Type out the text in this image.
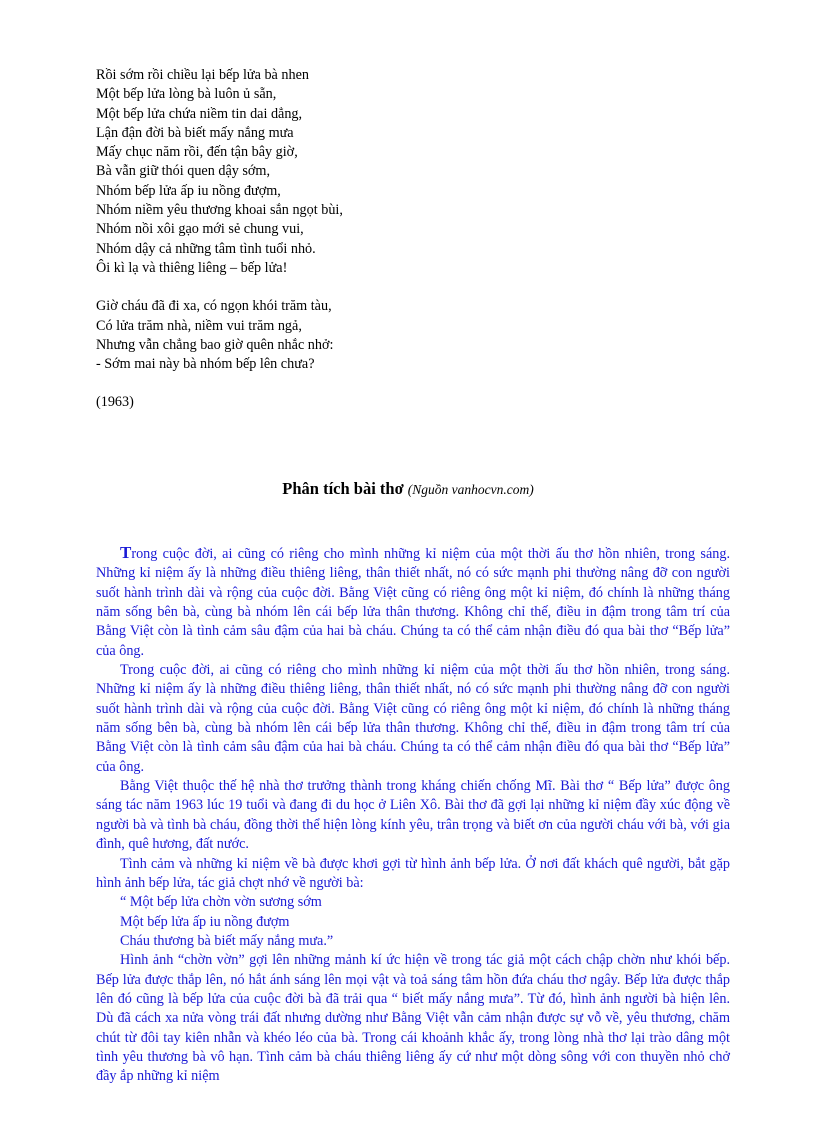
Rồi sớm rồi chiều lại bếp lửa bà nhen
Một bếp lửa lòng bà luôn ủ sẵn,
Một bếp lửa chứa niềm tin dai dẳng,
Lận đận đời bà biết mấy nắng mưa
Mấy chục năm rồi, đến tận bây giờ,
Bà vẫn giữ thói quen dậy sớm,
Nhóm bếp lửa ấp iu nồng đượm,
Nhóm niềm yêu thương khoai sắn ngọt bùi,
Nhóm nồi xôi gạo mới sẻ chung vui,
Nhóm dậy cả những tâm tình tuổi nhỏ.
Ôi kì lạ và thiêng liêng – bếp lửa!
Giờ cháu đã đi xa, có ngọn khói trăm tàu,
Có lửa trăm nhà, niềm vui trăm ngả,
Nhưng vẫn chẳng bao giờ quên nhắc nhở:
- Sớm mai này bà nhóm bếp lên chưa?
(1963)
Phân tích bài thơ (Nguồn vanhocvn.com)

Trong cuộc đời, ai cũng có riêng cho mình những kỉ niệm của một thời ấu thơ hồn nhiên, trong sáng. Những kỉ niệm ấy là những điều thiêng liêng, thân thiết nhất, nó có sức mạnh phi thường nâng đỡ con người suốt hành trình dài và rộng của cuộc đời. Bằng Việt cũng có riêng ông một kỉ niệm, đó chính là những tháng năm sống bên bà, cùng bà nhóm lên cái bếp lửa thân thương. Không chỉ thế, điều in đậm trong tâm trí của Bằng Việt còn là tình cảm sâu đậm của hai bà cháu. Chúng ta có thể cảm nhận điều đó qua bài thơ “Bếp lửa” của ông.

Trong cuộc đời, ai cũng có riêng cho mình những kỉ niệm của một thời ấu thơ hồn nhiên, trong sáng. Những kỉ niệm ấy là những điều thiêng liêng, thân thiết nhất, nó có sức mạnh phi thường nâng đỡ con người suốt hành trình dài và rộng của cuộc đời. Bằng Việt cũng có riêng ông một kỉ niệm, đó chính là những tháng năm sống bên bà, cùng bà nhóm lên cái bếp lửa thân thương. Không chỉ thế, điều in đậm trong tâm trí của Bằng Việt còn là tình cảm sâu đậm của hai bà cháu. Chúng ta có thể cảm nhận điều đó qua bài thơ “Bếp lửa” của ông.

Bằng Việt thuộc thế hệ nhà thơ trưởng thành trong kháng chiến chống Mĩ. Bài thơ “ Bếp lửa” được ông sáng tác năm 1963 lúc 19 tuổi và đang đi du học ở Liên Xô. Bài thơ đã gợi lại những kỉ niệm đầy xúc động về người bà và tình bà cháu, đồng thời thể hiện lòng kính yêu, trân trọng và biết ơn của người cháu với bà, với gia đình, quê hương, đất nước.

Tình cảm và những kỉ niệm về bà được khơi gợi từ hình ảnh bếp lửa. Ở nơi đất khách quê người, bắt gặp hình ảnh bếp lửa, tác giả chợt nhớ về người bà:

“ Một bếp lửa chờn vờn sương sớm
Một bếp lửa ấp iu nồng đượm
Cháu thương bà biết mấy nắng mưa.”

Hình ảnh “chờn vờn” gợi lên những mảnh kí ức hiện về trong tác giả một cách chập chờn như khói bếp. Bếp lửa được thắp lên, nó hắt ánh sáng lên mọi vật và toả sáng tâm hồn đứa cháu thơ ngây. Bếp lửa được thắp lên đó cũng là bếp lửa của cuộc đời bà đã trải qua “ biết mấy nắng mưa”. Từ đó, hình ảnh người bà hiện lên. Dù đã cách xa nửa vòng trái đất nhưng dường như Bằng Việt vẫn cảm nhận được sự vỗ về, yêu thương, chăm chút từ đôi tay kiên nhẫn và khéo léo của bà. Trong cái khoảnh khắc ấy, trong lòng nhà thơ lại trào dâng một tình yêu thương bà vô hạn. Tình cảm bà cháu thiêng liêng ấy cứ như một dòng sông với con thuyền nhỏ chở đầy ắp những kỉ niệm
